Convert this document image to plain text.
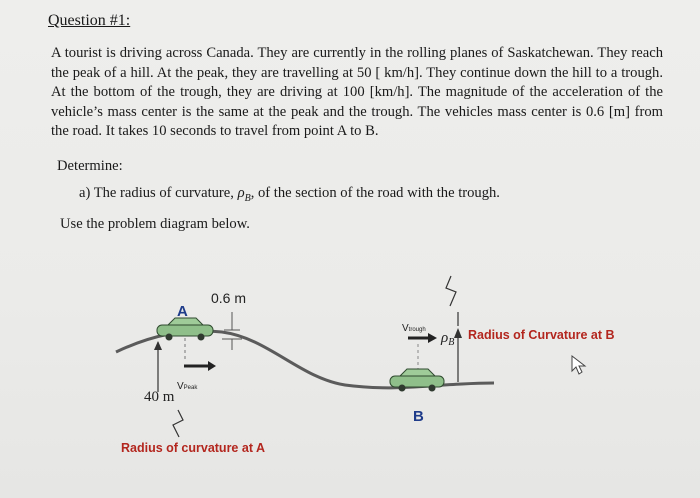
Question #1:
A tourist is driving across Canada. They are currently in the rolling planes of Saskatchewan. They reach the peak of a hill. At the peak, they are travelling at 50 [ km/h]. They continue down the hill to a trough. At the bottom of the trough, they are driving at 100 [km/h]. The magnitude of the acceleration of the vehicle’s mass center is the same at the peak and the trough. The vehicles mass center is 0.6 [m] from the road. It takes 10 seconds to travel from point A to B.
Determine:
a) The radius of curvature, $\rho_B$, of the section of the road with the trough.
Use the problem diagram below.
A
0.6 m
40 m
VPeak
Radius of curvature at A
Vtrough $\rho_B$
Radius of Curvature at B
B
